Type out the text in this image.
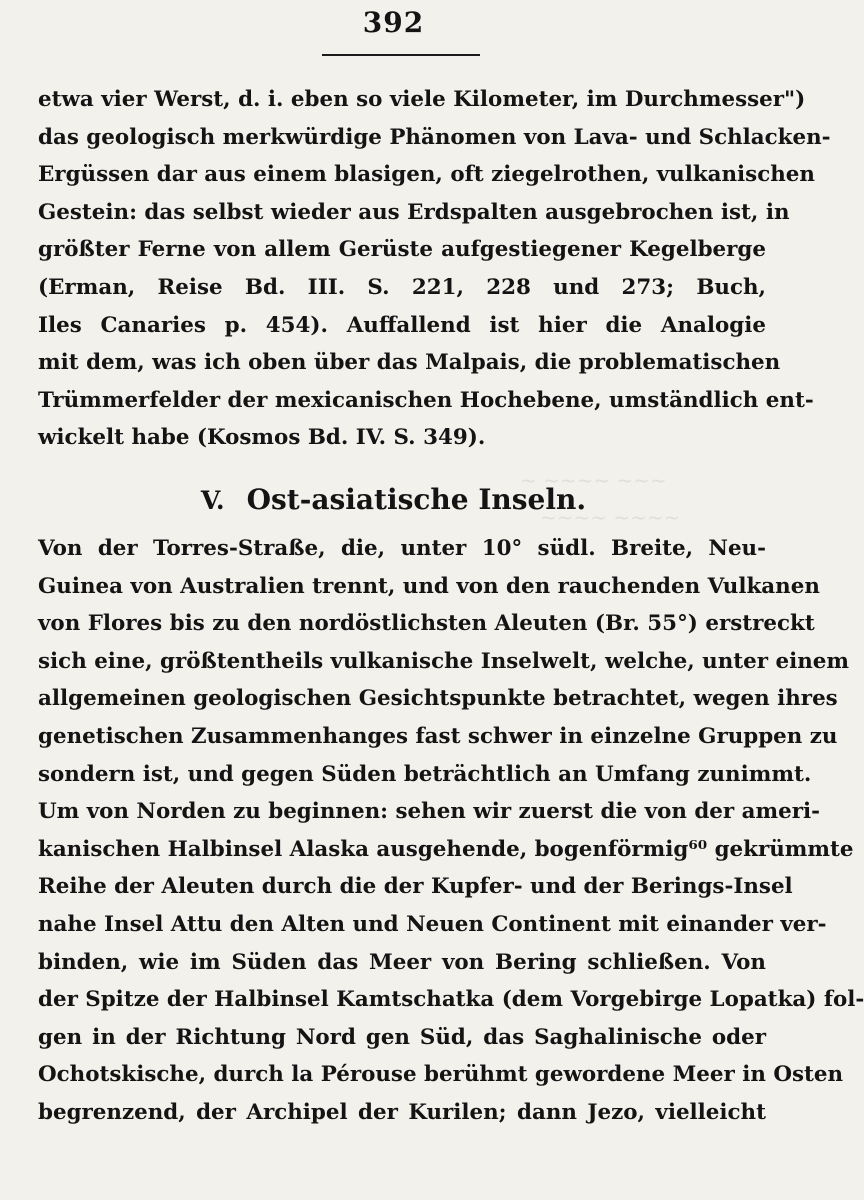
392
etwa vier Werst, d. i. eben so viele Kilometer, im Durchmesser")
das geologisch merkwürdige Phänomen von Lava- und Schlacken-
Ergüssen dar aus einem blasigen, oft ziegelrothen, vulkanischen
Gestein: das selbst wieder aus Erdspalten ausgebrochen ist, in
größter Ferne von allem Gerüste aufgestiegener Kegelberge
(Erman, Reise Bd. III. S. 221, 228 und 273; Buch,
Iles Canaries p. 454). Auffallend ist hier die Analogie
mit dem, was ich oben über das Malpais, die problematischen
Trümmerfelder der mexicanischen Hochebene, umständlich ent-
wickelt habe (Kosmos Bd. IV. S. 349).
~ ~~~~ ~~~
~~~~ ~~~~
V. Ost-asiatische Inseln.
Von der Torres-Straße, die, unter 10° südl. Breite, Neu-
Guinea von Australien trennt, und von den rauchenden Vulkanen
von Flores bis zu den nordöstlichsten Aleuten (Br. 55°) erstreckt
sich eine, größtentheils vulkanische Inselwelt, welche, unter einem
allgemeinen geologischen Gesichtspunkte betrachtet, wegen ihres
genetischen Zusammenhanges fast schwer in einzelne Gruppen zu
sondern ist, und gegen Süden beträchtlich an Umfang zunimmt.
Um von Norden zu beginnen: sehen wir zuerst die von der ameri-
kanischen Halbinsel Alaska ausgehende, bogenförmig⁶⁰ gekrümmte
Reihe der Aleuten durch die der Kupfer- und der Berings-Insel
nahe Insel Attu den Alten und Neuen Continent mit einander ver-
binden, wie im Süden das Meer von Bering schließen. Von
der Spitze der Halbinsel Kamtschatka (dem Vorgebirge Lopatka) fol-
gen in der Richtung Nord gen Süd, das Saghalinische oder
Ochotskische, durch la Pérouse berühmt gewordene Meer in Osten
begrenzend, der Archipel der Kurilen; dann Jezo, vielleicht
